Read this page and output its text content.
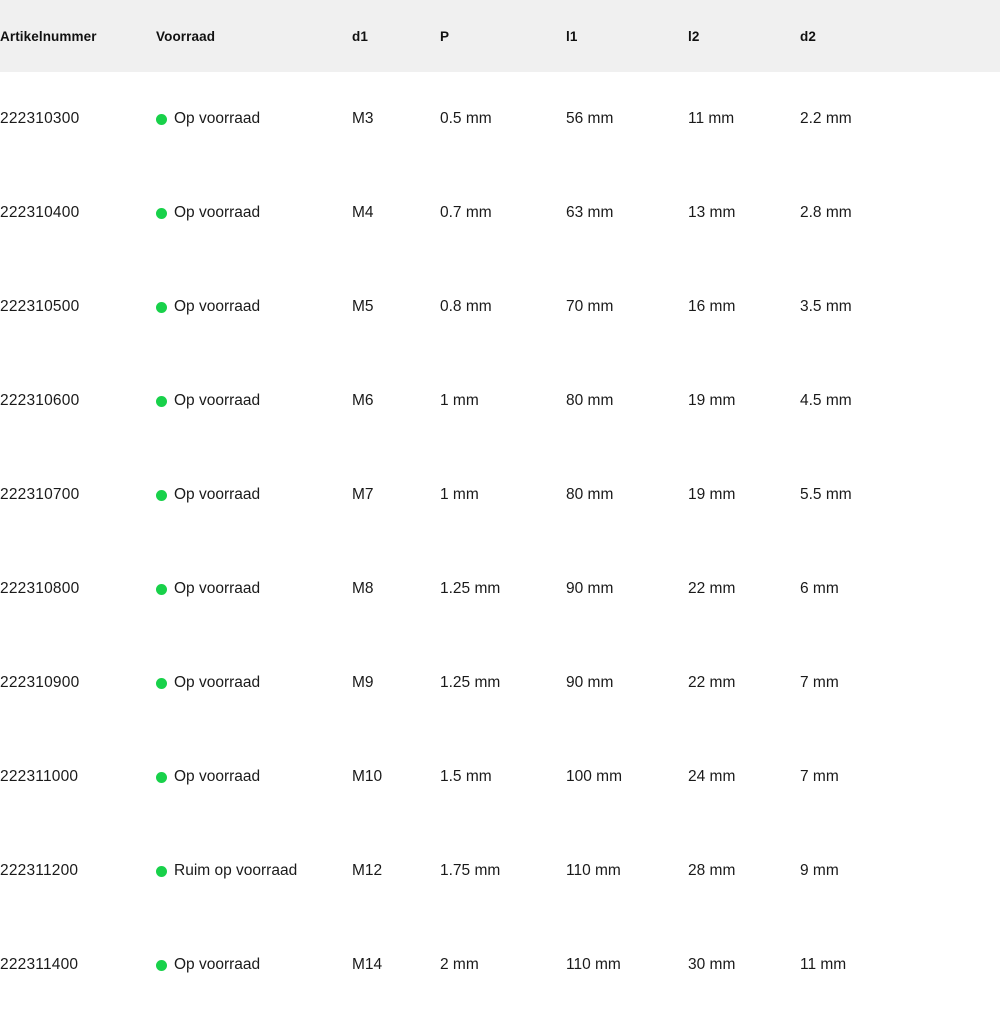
Artikelnummer	Voorraad	d1	P	l1	l2	d2	
222310300	Op voorraad	M3	0.5 mm	56 mm	11 mm	2.2 mm	
222310400	Op voorraad	M4	0.7 mm	63 mm	13 mm	2.8 mm	
222310500	Op voorraad	M5	0.8 mm	70 mm	16 mm	3.5 mm	
222310600	Op voorraad	M6	1 mm	80 mm	19 mm	4.5 mm	
222310700	Op voorraad	M7	1 mm	80 mm	19 mm	5.5 mm	
222310800	Op voorraad	M8	1.25 mm	90 mm	22 mm	6 mm	
222310900	Op voorraad	M9	1.25 mm	90 mm	22 mm	7 mm	
222311000	Op voorraad	M10	1.5 mm	100 mm	24 mm	7 mm	
222311200	Ruim op voorraad	M12	1.75 mm	110 mm	28 mm	9 mm	
222311400	Op voorraad	M14	2 mm	110 mm	30 mm	11 mm	
